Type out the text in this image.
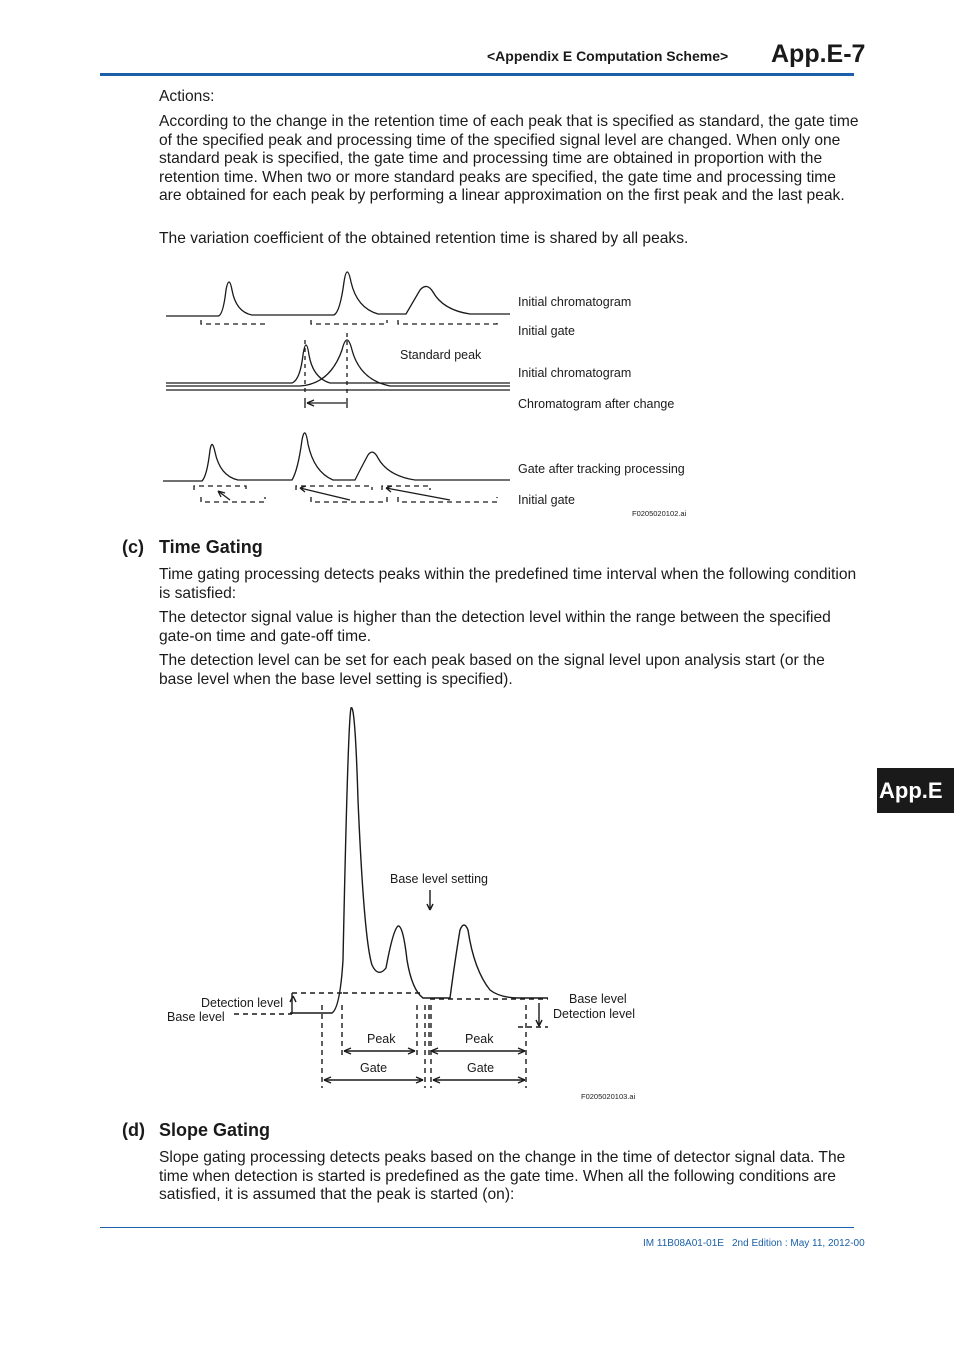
<Appendix E Computation Scheme> App.E-7
Actions:
According to the change in the retention time of each peak that is specified as standard, the gate time of the specified peak and processing time of the specified signal level are changed. When only one standard peak is specified, the gate time and processing time are obtained in proportion with the retention time. When two or more standard peaks are specified, the gate time and processing time are obtained for each peak by performing a linear approximation on the first peak and the last peak.
The variation coefficient of the obtained retention time is shared by all peaks.
Initial chromatogram
Initial gate
Standard peak
Initial chromatogram
Chromatogram after change
Gate after tracking processing
Initial gate
F0205020102.ai
Base level setting
Detection level
Base level
Base level
Detection level
Peak	Peak
Gate	Gate
F0205020103.ai
(c) Time Gating
Time gating processing detects peaks within the predefined time interval when the following condition is satisfied:
The detector signal value is higher than the detection level within the range between the specified gate-on time and gate-off time.
The detection level can be set for each peak based on the signal level upon analysis start (or the base level when the base level setting is specified).
(d) Slope Gating
Slope gating processing detects peaks based on the change in the time of detector signal data. The time when detection is started is predefined as the gate time. When all the following conditions are satisfied, it is assumed that the peak is started (on):
App.E
IM 11B08A01-01E 2nd Edition : May 11, 2012-00
